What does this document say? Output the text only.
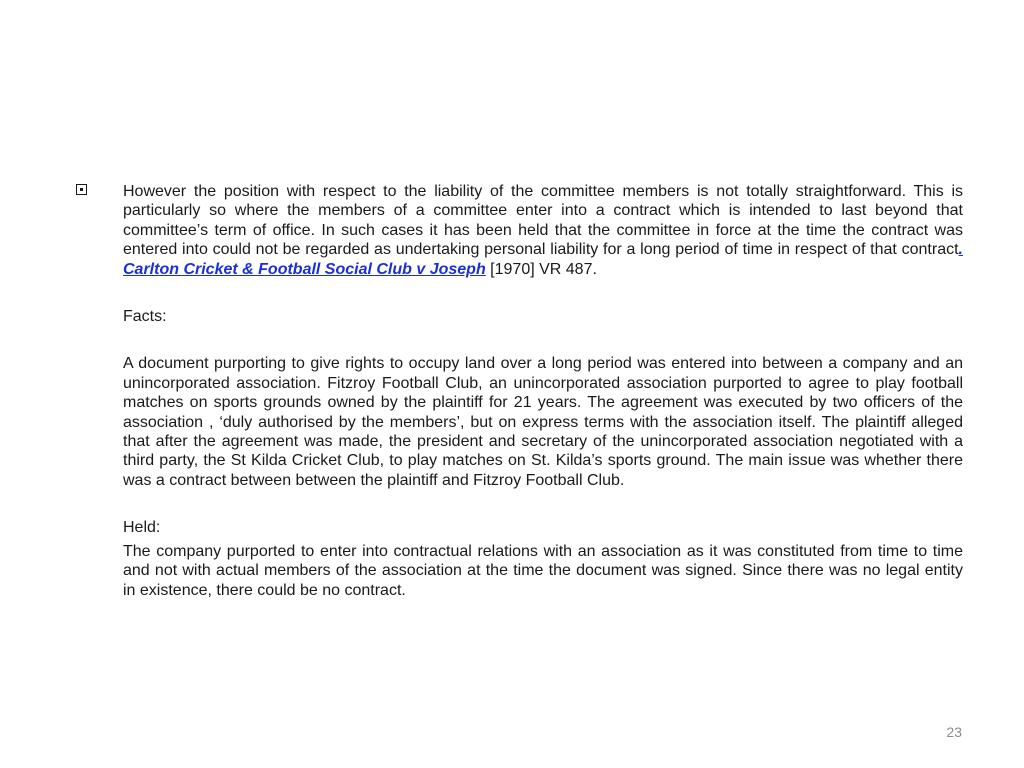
However the position with respect to the liability of the committee members is not totally straightforward. This is particularly so where the members of a committee enter into a contract which is intended to last beyond that committee’s term of office. In such cases it has been held that the committee in force at the time the contract was entered into could not be regarded as undertaking personal liability for a long period of time in respect of that contract. Carlton Cricket & Football Social Club v Joseph [1970] VR 487.

Facts:

A document purporting to give rights to occupy land over a long period was entered into between a company and an unincorporated association. Fitzroy Football Club, an unincorporated association purported to agree to play football matches on sports grounds owned by the plaintiff for 21 years. The agreement was executed by two officers of the association , ‘duly authorised by the members’, but on express terms with the association itself. The plaintiff alleged that after the agreement was made, the president and secretary of the unincorporated association negotiated with a third party, the St Kilda Cricket Club, to play matches on St. Kilda’s sports ground. The main issue was whether there was a contract between between the plaintiff and Fitzroy Football Club.

Held:

The company purported to enter into contractual relations with an association as it was constituted from time to time and not with actual members of the association at the time the document was signed. Since there was no legal entity in existence, there could be no contract.

23
